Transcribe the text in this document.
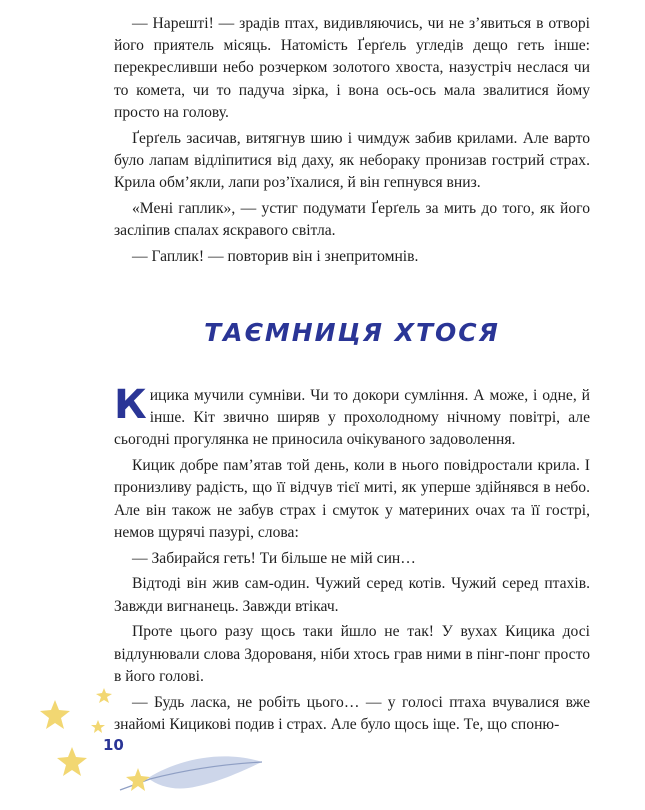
— Нарешті! — зрадів птах, видивляючись, чи не з’явиться в отворі його приятель місяць. Натомість Ґерґель угледів дещо геть інше: перекресливши небо розчерком золотого хвоста, назустріч неслася чи то комета, чи то падуча зірка, і вона ось-ось мала звалитися йому просто на голову.

Ґерґель засичав, витягнув шию і чимдуж забив крилами. Але варто було лапам відліпитися від даху, як небораку пронизав гострий страх. Крила обм’якли, лапи роз’їхалися, й він гепнувся вниз.

«Мені гаплик», — устиг подумати Ґерґель за мить до того, як його засліпив спалах яскравого світла.

— Гаплик! — повторив він і знепритомнів.

ТАЄМНИЦЯ ХТОСЯ

Кицика мучили сумніви. Чи то докори сумління. А може, і одне, й інше. Кіт звично ширяв у прохолодному нічному повітрі, але сьогодні прогулянка не приносила очікуваного задоволення.

Кицик добре пам’ятав той день, коли в нього повідростали крила. І пронизливу радість, що її відчув тієї миті, як уперше здійнявся в небо. Але він також не забув страх і смуток у материних очах та її гострі, немов щурячі пазурі, слова:

— Забирайся геть! Ти більше не мій син…

Відтоді він жив сам-один. Чужий серед котів. Чужий серед птахів. Завжди вигнанець. Завжди втікач.

Проте цього разу щось таки йшло не так! У вухах Кицика досі відлунювали слова Здорованя, ніби хтось грав ними в пінг-понг просто в його голові.

— Будь ласка, не робіть цього… — у голосі птаха вчувалися вже знайомі Кицикові подив і страх. Але було щось іще. Те, що споню-

10
